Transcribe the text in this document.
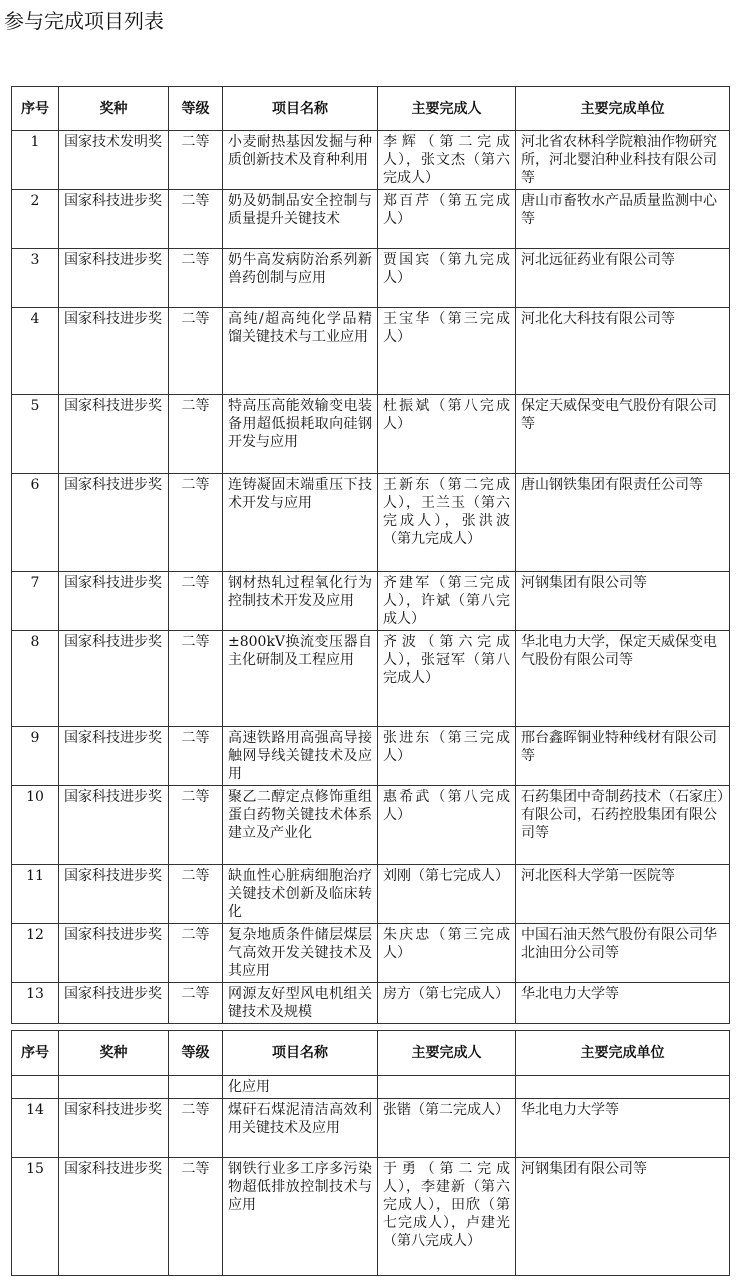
参与完成项目列表
序号	奖种	等级	项目名称	主要完成人	主要完成单位
1	国家技术发明奖	二等	小麦耐热基因发掘与种质创新技术及育种利用	李辉（第二完成人），张文杰（第六完成人）	河北省农林科学院粮油作物研究所，河北婴泊种业科技有限公司等
2	国家科技进步奖	二等	奶及奶制品安全控制与质量提升关键技术	郑百芹（第五完成人）	唐山市畜牧水产品质量监测中心等
3	国家科技进步奖	二等	奶牛高发病防治系列新兽药创制与应用	贾国宾（第九完成人）	河北远征药业有限公司等
4	国家科技进步奖	二等	高纯/超高纯化学品精馏关键技术与工业应用	王宝华（第三完成人）	河北化大科技有限公司等
5	国家科技进步奖	二等	特高压高能效输变电装备用超低损耗取向硅钢开发与应用	杜振斌（第八完成人）	保定天威保变电气股份有限公司等
6	国家科技进步奖	二等	连铸凝固末端重压下技术开发与应用	王新东（第二完成人），王兰玉（第六完成人），张洪波（第九完成人）	唐山钢铁集团有限责任公司等
7	国家科技进步奖	二等	钢材热轧过程氧化行为控制技术开发及应用	齐建军（第三完成人），许斌（第八完成人）	河钢集团有限公司等
8	国家科技进步奖	二等	±800kV换流变压器自主化研制及工程应用	齐波（第六完成人），张冠军（第八完成人）	华北电力大学，保定天威保变电气股份有限公司等
9	国家科技进步奖	二等	高速铁路用高强高导接触网导线关键技术及应用	张进东（第三完成人）	邢台鑫晖铜业特种线材有限公司等
10	国家科技进步奖	二等	聚乙二醇定点修饰重组蛋白药物关键技术体系建立及产业化	惠希武（第八完成人）	石药集团中奇制药技术（石家庄）有限公司，石药控股集团有限公司等
11	国家科技进步奖	二等	缺血性心脏病细胞治疗关键技术创新及临床转化	刘刚（第七完成人）	河北医科大学第一医院等
12	国家科技进步奖	二等	复杂地质条件储层煤层气高效开发关键技术及其应用	朱庆忠（第三完成人）	中国石油天然气股份有限公司华北油田分公司等
13	国家科技进步奖	二等	网源友好型风电机组关键技术及规模	房方（第七完成人）	华北电力大学等
序号	奖种	等级	项目名称	主要完成人	主要完成单位
			化应用		
14	国家科技进步奖	二等	煤矸石煤泥清洁高效利用关键技术及应用	张锴（第二完成人）	华北电力大学等
15	国家科技进步奖	二等	钢铁行业多工序多污染物超低排放控制技术与应用	于勇（第二完成人），李建新（第六完成人），田欣（第七完成人），卢建光（第八完成人）	河钢集团有限公司等
